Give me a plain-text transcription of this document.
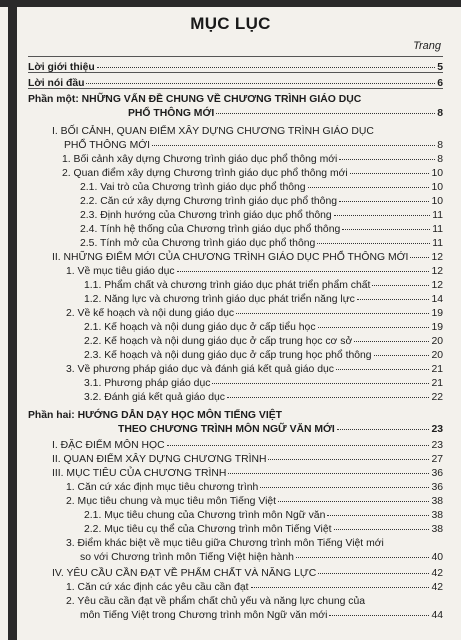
MỤC LỤC
Trang
Lời giới thiệu	5
Lời nói đầu	6
Phần một: NHỮNG VẤN ĐỀ CHUNG VỀ CHƯƠNG TRÌNH GIÁO DỤC
PHỔ THÔNG MỚI	8
I. BỐI CẢNH, QUAN ĐIỂM XÂY DỰNG CHƯƠNG TRÌNH GIÁO DỤC
PHỔ THÔNG MỚI	8
1. Bối cảnh xây dựng Chương trình giáo dục phổ thông mới	8
2. Quan điểm xây dựng Chương trình giáo dục phổ thông mới	10
2.1. Vai trò của Chương trình giáo dục phổ thông	10
2.2. Căn cứ xây dựng Chương trình giáo dục phổ thông	10
2.3. Định hướng của Chương trình giáo dục phổ thông	11
2.4. Tính hệ thống của Chương trình giáo dục phổ thông	11
2.5. Tính mở của Chương trình giáo dục phổ thông	11
II. NHỮNG ĐIỂM MỚI CỦA CHƯƠNG TRÌNH GIÁO DỤC PHỔ THÔNG MỚI 12
1. Về mục tiêu giáo dục	12
1.1. Phẩm chất và chương trình giáo dục phát triển phẩm chất	12
1.2. Năng lực và chương trình giáo dục phát triển năng lực	14
2. Về kế hoạch và nội dung giáo dục	19
2.1. Kế hoạch và nội dung giáo dục ở cấp tiểu học	19
2.2. Kế hoạch và nội dung giáo dục ở cấp trung học cơ sở	20
2.3. Kế hoạch và nội dung giáo dục ở cấp trung học phổ thông	20
3. Về phương pháp giáo dục và đánh giá kết quả giáo dục	21
3.1. Phương pháp giáo dục	21
3.2. Đánh giá kết quả giáo dục	22
Phần hai: HƯỚNG DẪN DẠY HỌC MÔN TIẾNG VIỆT
THEO CHƯƠNG TRÌNH MÔN NGỮ VĂN MỚI	23
I. ĐẶC ĐIỂM MÔN HỌC	23
II. QUAN ĐIỂM XÂY DỰNG CHƯƠNG TRÌNH	27
III. MỤC TIÊU CỦA CHƯƠNG TRÌNH	36
1. Căn cứ xác định mục tiêu chương trình	36
2. Mục tiêu chung và mục tiêu môn Tiếng Việt	38
2.1. Mục tiêu chung của Chương trình môn Ngữ văn	38
2.2. Mục tiêu cụ thể của Chương trình môn Tiếng Việt	38
3. Điểm khác biệt về mục tiêu giữa Chương trình môn Tiếng Việt mới
so với Chương trình môn Tiếng Việt hiện hành	40
IV. YÊU CẦU CẦN ĐẠT VỀ PHẨM CHẤT VÀ NĂNG LỰC	42
1. Căn cứ xác định các yêu cầu cần đạt	42
2. Yêu cầu cần đạt về phẩm chất chủ yếu và năng lực chung của
môn Tiếng Việt trong Chương trình môn Ngữ văn mới	44
